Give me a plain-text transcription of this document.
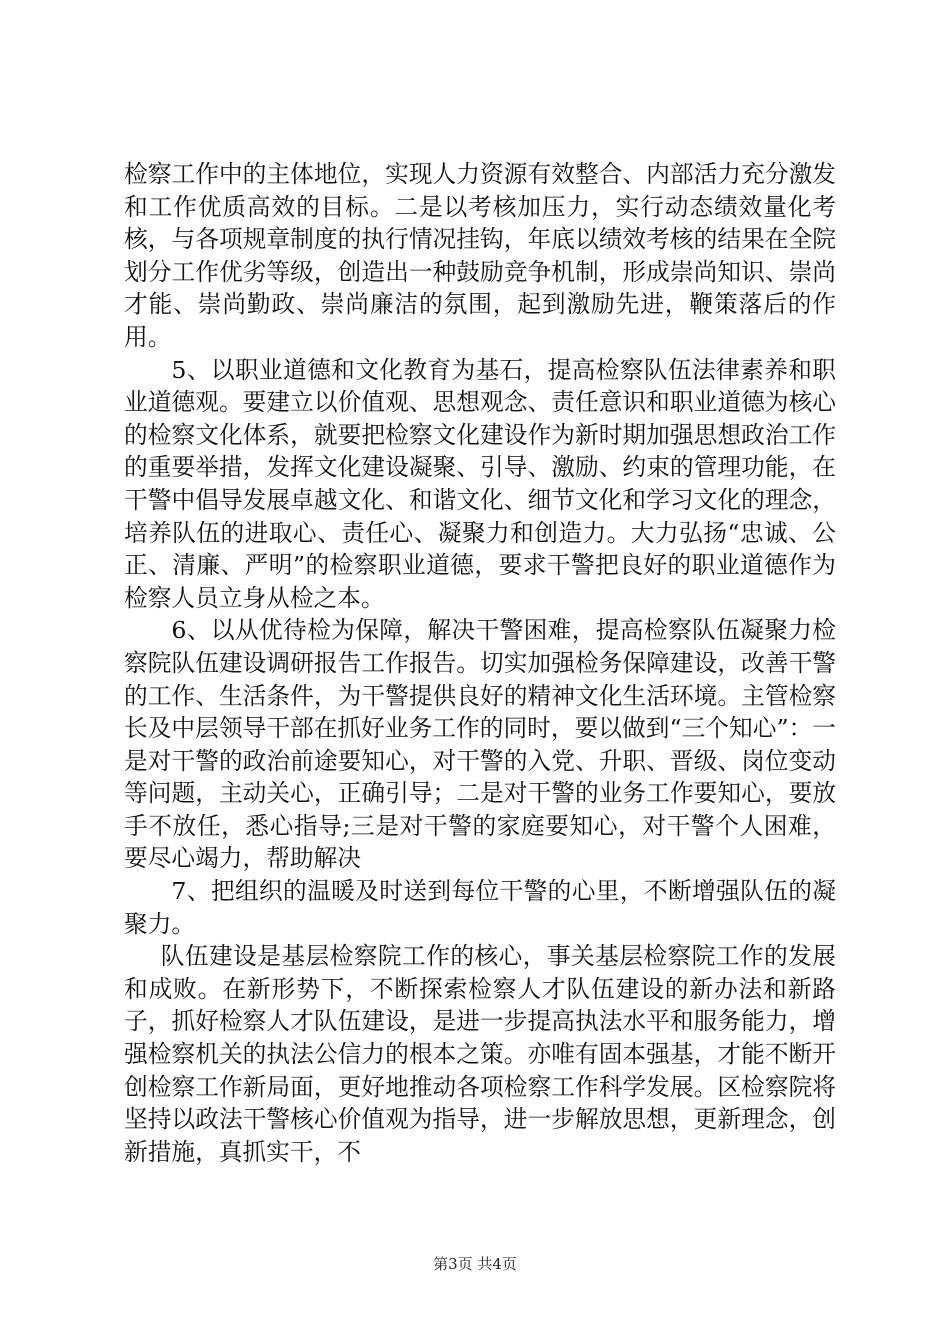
检察工作中的主体地位，实现人力资源有效整合、内部活力充分激发和工作优质高效的目标。二是以考核加压力，实行动态绩效量化考核，与各项规章制度的执行情况挂钩，年底以绩效考核的结果在全院划分工作优劣等级，创造出一种鼓励竞争机制，形成崇尚知识、崇尚才能、崇尚勤政、崇尚廉洁的氛围，起到激励先进，鞭策落后的作用。

5、以职业道德和文化教育为基石，提高检察队伍法律素养和职业道德观。要建立以价值观、思想观念、责任意识和职业道德为核心的检察文化体系，就要把检察文化建设作为新时期加强思想政治工作的重要举措，发挥文化建设凝聚、引导、激励、约束的管理功能，在干警中倡导发展卓越文化、和谐文化、细节文化和学习文化的理念，培养队伍的进取心、责任心、凝聚力和创造力。大力弘扬“忠诚、公正、清廉、严明”的检察职业道德，要求干警把良好的职业道德作为检察人员立身从检之本。

6、以从优待检为保障，解决干警困难，提高检察队伍凝聚力检察院队伍建设调研报告工作报告。切实加强检务保障建设，改善干警的工作、生活条件，为干警提供良好的精神文化生活环境。主管检察长及中层领导干部在抓好业务工作的同时，要以做到“三个知心”：一是对干警的政治前途要知心，对干警的入党、升职、晋级、岗位变动等问题，主动关心，正确引导；二是对干警的业务工作要知心，要放手不放任，悉心指导;三是对干警的家庭要知心，对干警个人困难，要尽心竭力，帮助解决

7、把组织的温暖及时送到每位干警的心里，不断增强队伍的凝聚力。

队伍建设是基层检察院工作的核心，事关基层检察院工作的发展和成败。在新形势下，不断探索检察人才队伍建设的新办法和新路子，抓好检察人才队伍建设，是进一步提高执法水平和服务能力，增强检察机关的执法公信力的根本之策。亦唯有固本强基，才能不断开创检察工作新局面，更好地推动各项检察工作科学发展。区检察院将坚持以政法干警核心价值观为指导，进一步解放思想，更新理念，创新措施，真抓实干，不

第3页 共4页
